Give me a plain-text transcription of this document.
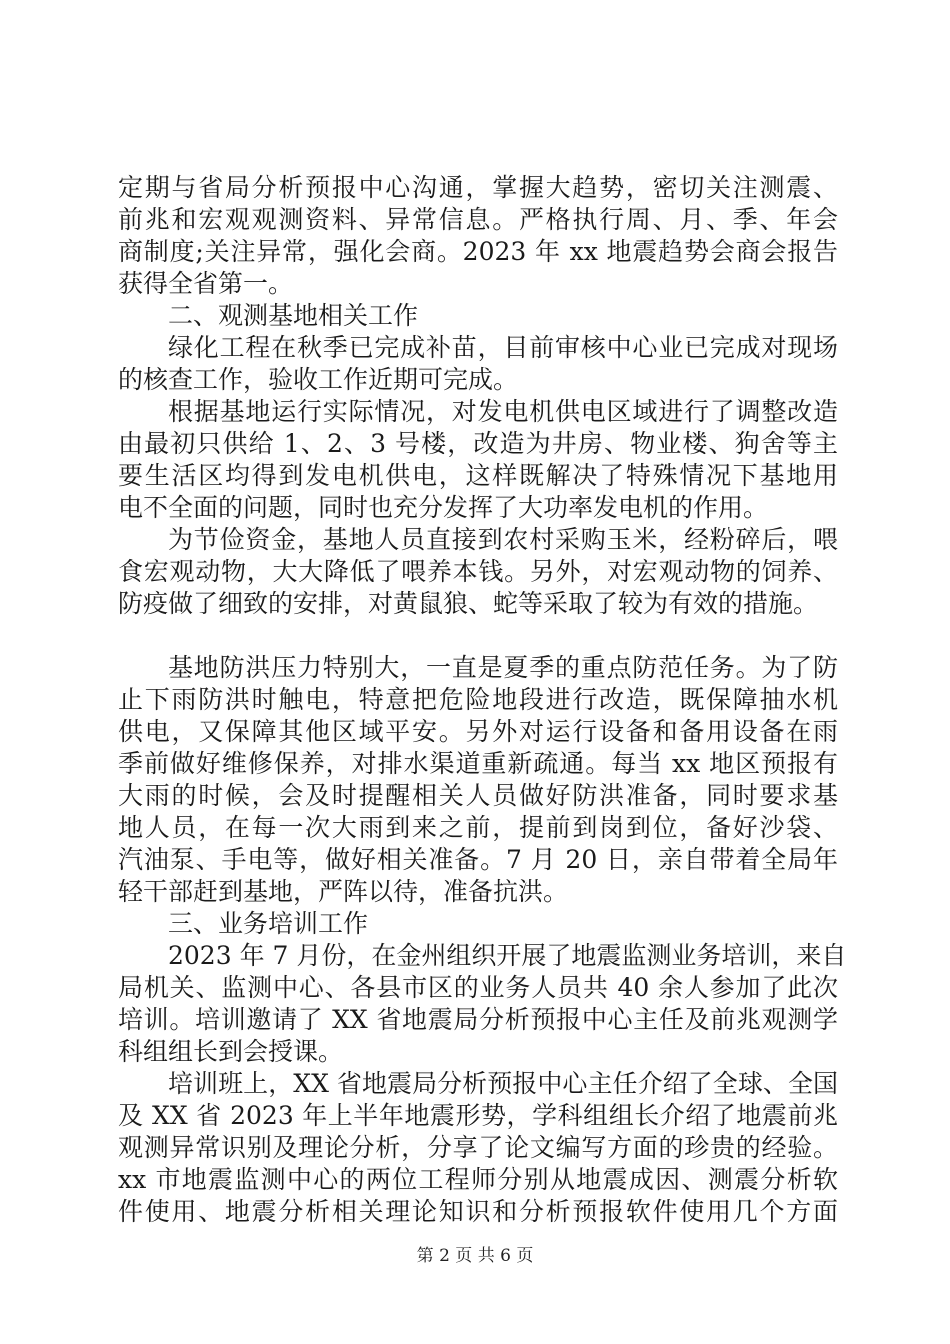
定期与省局分析预报中心沟通，掌握大趋势，密切关注测震、
前兆和宏观观测资料、异常信息。严格执行周、月、季、年会
商制度;关注异常，强化会商。2023 年 xx 地震趋势会商会报告
获得全省第一。
二、观测基地相关工作
绿化工程在秋季已完成补苗，目前审核中心业已完成对现场
的核查工作，验收工作近期可完成。
根据基地运行实际情况，对发电机供电区域进行了调整改造
由最初只供给 1、2、3 号楼，改造为井房、物业楼、狗舍等主
要生活区均得到发电机供电，这样既解决了特殊情况下基地用
电不全面的问题，同时也充分发挥了大功率发电机的作用。
为节俭资金，基地人员直接到农村采购玉米，经粉碎后，喂
食宏观动物，大大降低了喂养本钱。另外，对宏观动物的饲养、
防疫做了细致的安排，对黄鼠狼、蛇等采取了较为有效的措施。
基地防洪压力特别大，一直是夏季的重点防范任务。为了防
止下雨防洪时触电，特意把危险地段进行改造，既保障抽水机
供电，又保障其他区域平安。另外对运行设备和备用设备在雨
季前做好维修保养，对排水渠道重新疏通。每当 xx 地区预报有
大雨的时候，会及时提醒相关人员做好防洪准备，同时要求基
地人员，在每一次大雨到来之前，提前到岗到位，备好沙袋、
汽油泵、手电等，做好相关准备。7 月 20 日，亲自带着全局年
轻干部赶到基地，严阵以待，准备抗洪。
三、业务培训工作
2023 年 7 月份，在金州组织开展了地震监测业务培训，来自
局机关、监测中心、各县市区的业务人员共 40 余人参加了此次
培训。培训邀请了 XX 省地震局分析预报中心主任及前兆观测学
科组组长到会授课。
培训班上，XX 省地震局分析预报中心主任介绍了全球、全国
及 XX 省 2023 年上半年地震形势，学科组组长介绍了地震前兆
观测异常识别及理论分析，分享了论文编写方面的珍贵的经验。
xx 市地震监测中心的两位工程师分别从地震成因、测震分析软
件使用、地震分析相关理论知识和分析预报软件使用几个方面
第 2 页 共 6 页
